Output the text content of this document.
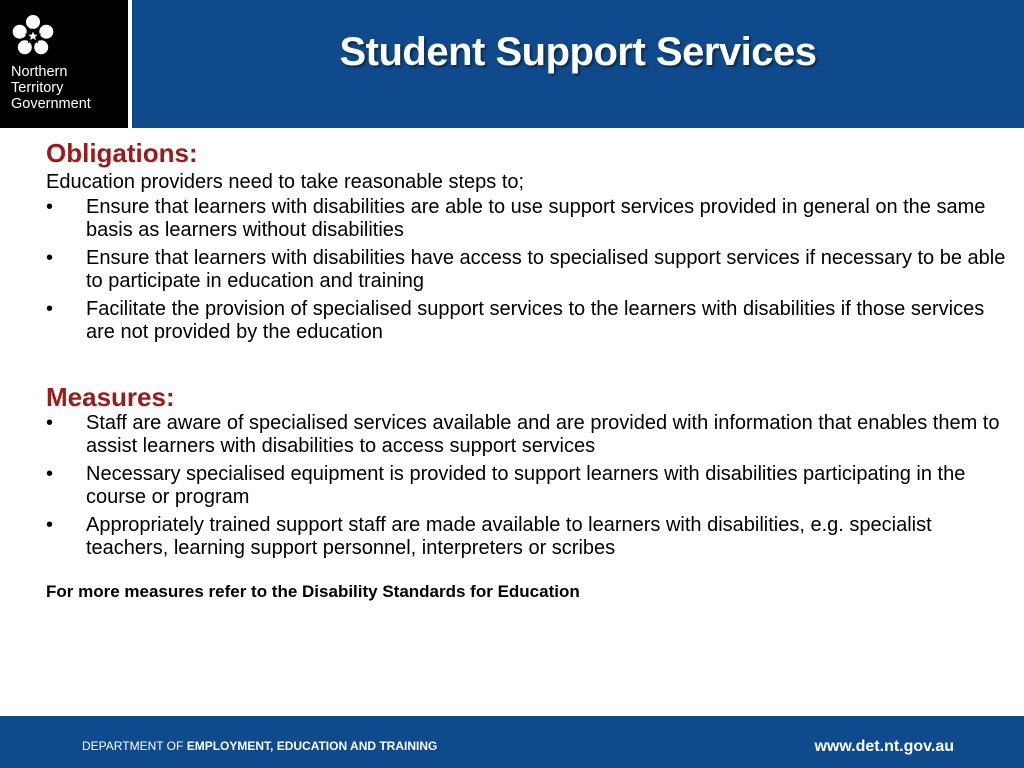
Northern
Territory
Government
Student Support Services
Obligations:

Education providers need to take reasonable steps to;

• Ensure that learners with disabilities are able to use support services provided in general on the same basis as learners without disabilities
• Ensure that learners with disabilities have access to specialised support services if necessary to be able to participate in education and training
• Facilitate the provision of specialised support services to the learners with disabilities if those services are not provided by the education
Measures:
• Staff are aware of specialised services available and are provided with information that enables them to assist learners with disabilities to access support services
• Necessary specialised equipment is provided to support learners with disabilities participating in the course or program
• Appropriately trained support staff are made available to learners with disabilities, e.g. specialist teachers, learning support personnel, interpreters or scribes

For more measures refer to the Disability Standards for Education

DEPARTMENT OF EMPLOYMENT, EDUCATION AND TRAINING	www.det.nt.gov.au
